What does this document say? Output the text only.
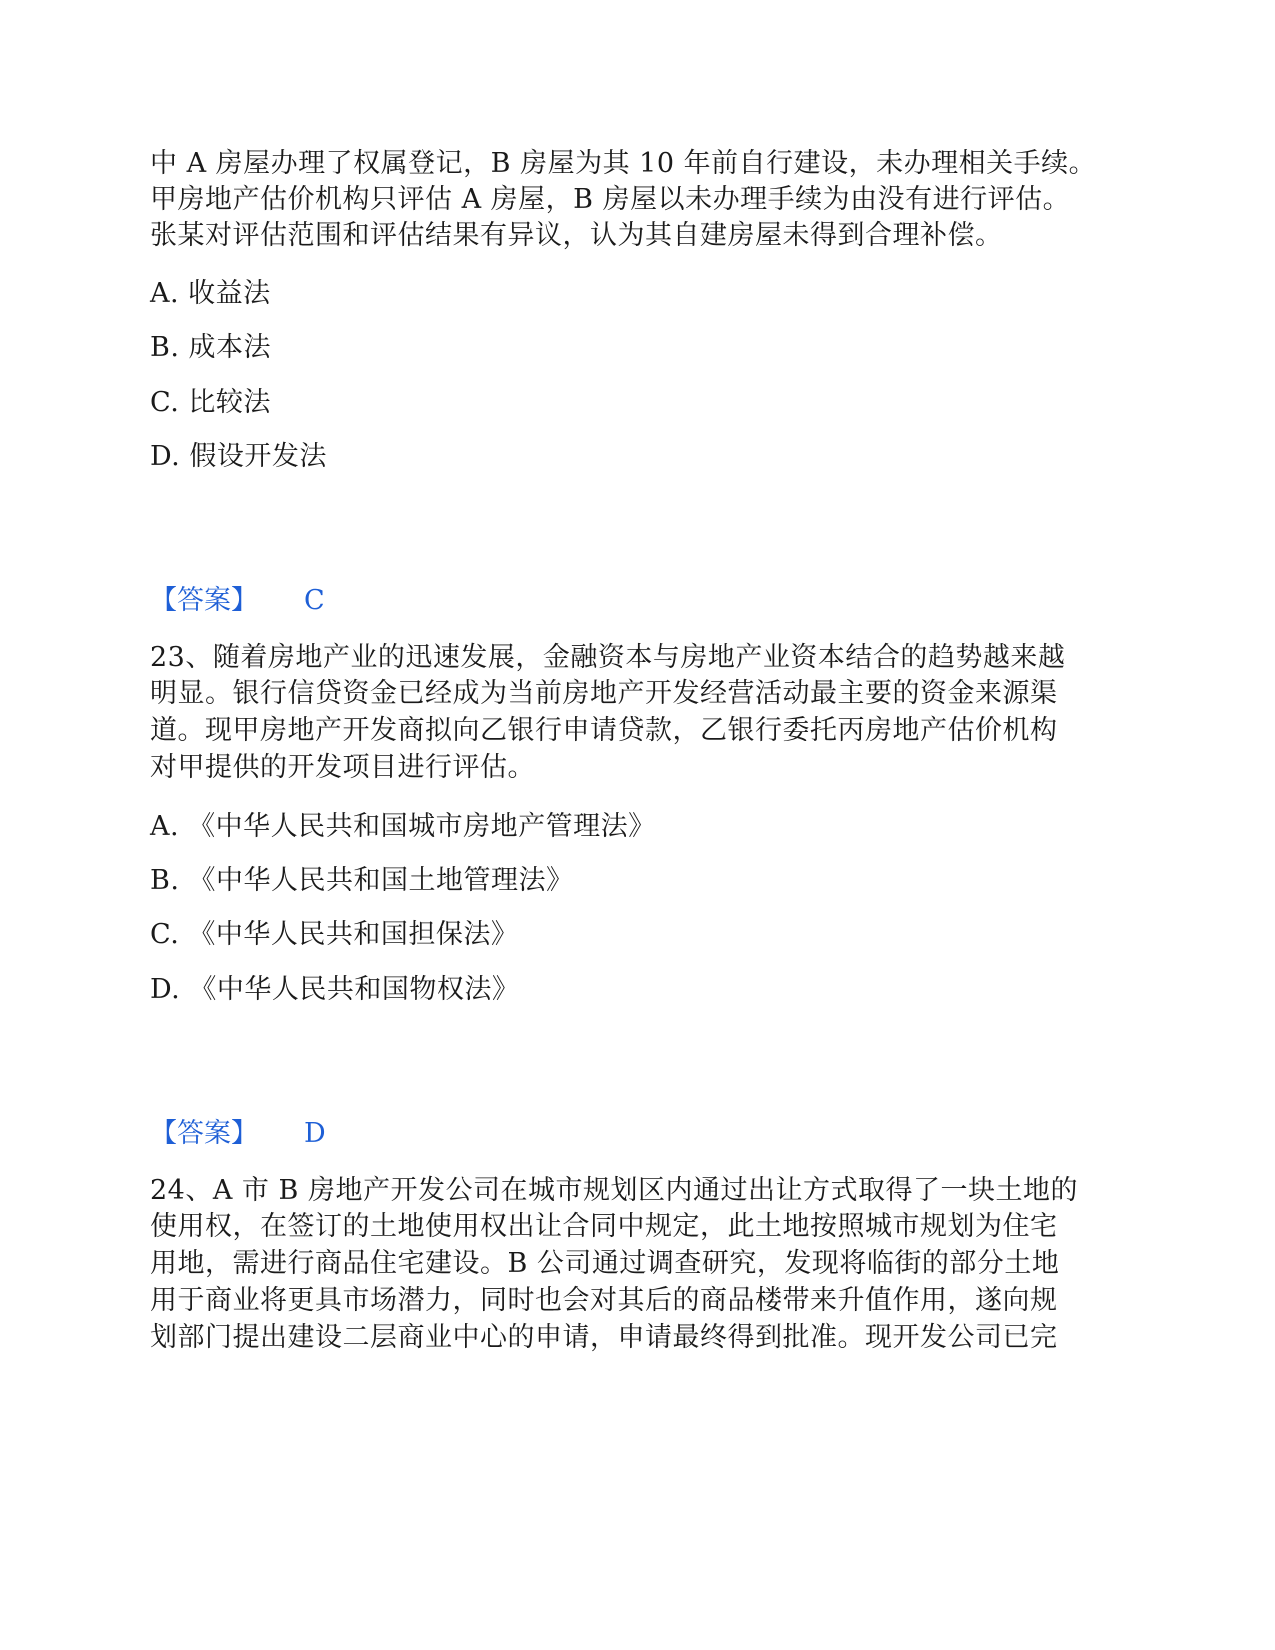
中 A 房屋办理了权属登记，B 房屋为其 10 年前自行建设，未办理相关手续。
甲房地产估价机构只评估 A 房屋，B 房屋以未办理手续为由没有进行评估。
张某对评估范围和评估结果有异议，认为其自建房屋未得到合理补偿。
A. 收益法
B. 成本法
C. 比较法
D. 假设开发法
【答案】 C
23、随着房地产业的迅速发展，金融资本与房地产业资本结合的趋势越来越
明显。银行信贷资金已经成为当前房地产开发经营活动最主要的资金来源渠
道。现甲房地产开发商拟向乙银行申请贷款，乙银行委托丙房地产估价机构
对甲提供的开发项目进行评估。
A. 《中华人民共和国城市房地产管理法》
B. 《中华人民共和国土地管理法》
C. 《中华人民共和国担保法》
D. 《中华人民共和国物权法》
【答案】 D
24、A 市 B 房地产开发公司在城市规划区内通过出让方式取得了一块土地的
使用权，在签订的土地使用权出让合同中规定，此土地按照城市规划为住宅
用地，需进行商品住宅建设。B 公司通过调查研究，发现将临街的部分土地
用于商业将更具市场潜力，同时也会对其后的商品楼带来升值作用，遂向规
划部门提出建设二层商业中心的申请，申请最终得到批准。现开发公司已完
